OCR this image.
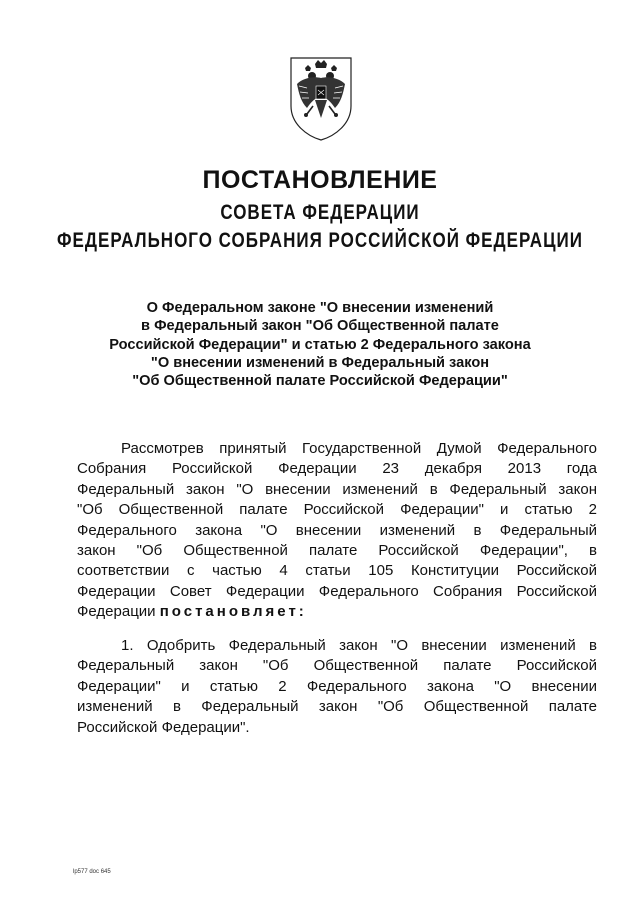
ПОСТАНОВЛЕНИЕ
СОВЕТА ФЕДЕРАЦИИ
ФЕДЕРАЛЬНОГО СОБРАНИЯ РОССИЙСКОЙ ФЕДЕРАЦИИ
О Федеральном законе "О внесении изменений
в Федеральный закон "Об Общественной палате
Российской Федерации" и статью 2 Федерального закона
"О внесении изменений в Федеральный закон
"Об Общественной палате Российской Федерации"
Рассмотрев принятый Государственной Думой Федерального
Собрания Российской Федерации 23 декабря 2013 года
Федеральный закон "О внесении изменений в Федеральный закон
"Об Общественной палате Российской Федерации" и статью 2
Федерального закона "О внесении изменений в Федеральный
закон "Об Общественной палате Российской Федерации", в
соответствии с частью 4 статьи 105 Конституции Российской
Федерации Совет Федерации Федерального Собрания Российской
Федерации постановляет:
1. Одобрить Федеральный закон "О внесении изменений в
Федеральный закон "Об Общественной палате Российской
Федерации" и статью 2 Федерального закона "О внесении
изменений в Федеральный закон "Об Общественной палате
Российской Федерации".
lp577 doc 645
